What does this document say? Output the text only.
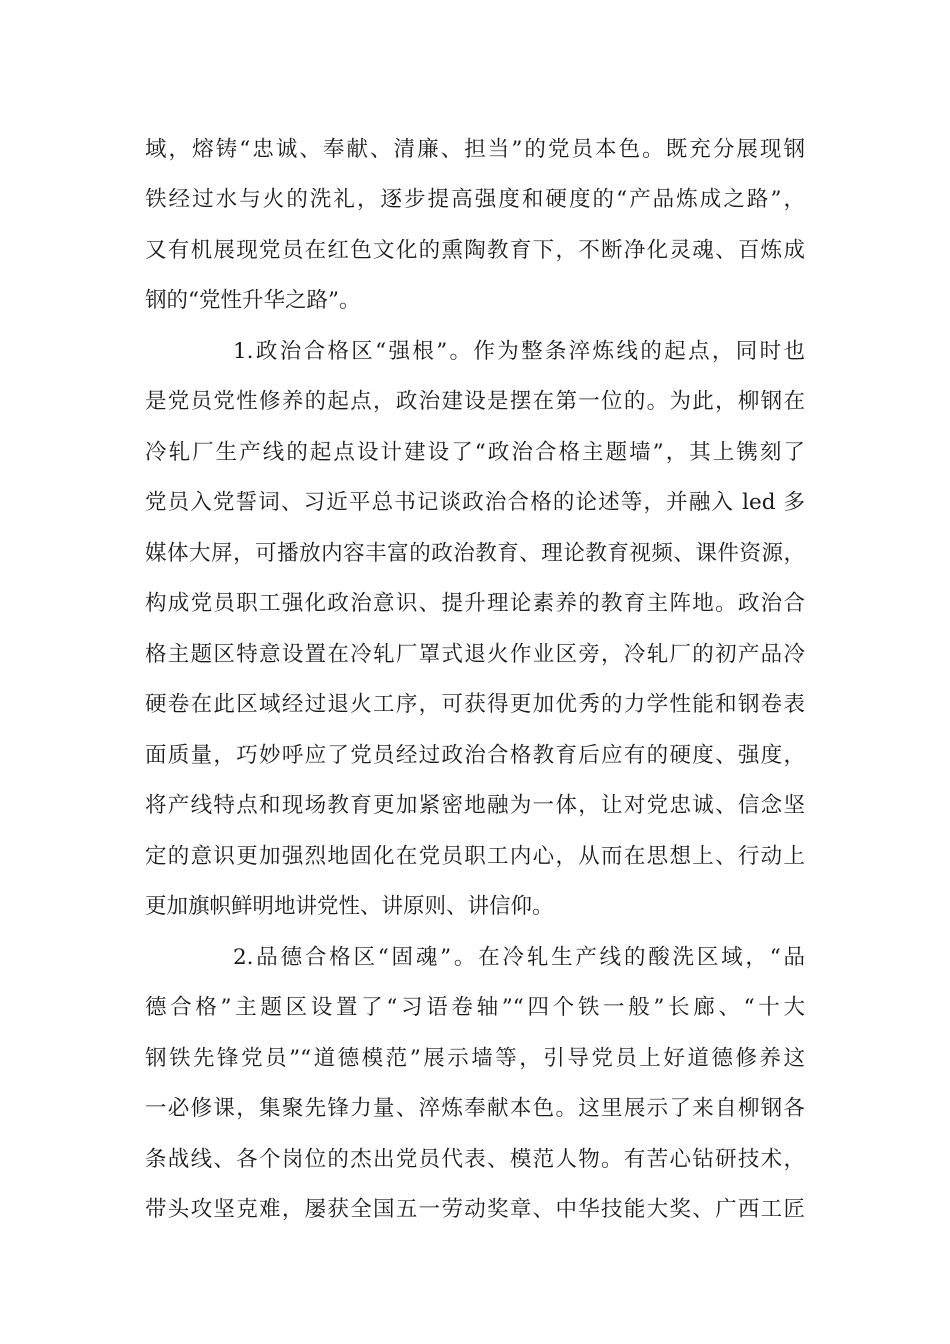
域，熔铸“忠诚、奉献、清廉、担当”的党员本色。既充分展现钢
铁经过水与火的洗礼，逐步提高强度和硬度的“产品炼成之路”，
又有机展现党员在红色文化的熏陶教育下，不断净化灵魂、百炼成
钢的“党性升华之路”。
1.政治合格区“强根”。作为整条淬炼线的起点，同时也
是党员党性修养的起点，政治建设是摆在第一位的。为此，柳钢在
冷轧厂生产线的起点设计建设了“政治合格主题墙”，其上镌刻了
党员入党誓词、习近平总书记谈政治合格的论述等，并融入 led 多
媒体大屏，可播放内容丰富的政治教育、理论教育视频、课件资源，
构成党员职工强化政治意识、提升理论素养的教育主阵地。政治合
格主题区特意设置在冷轧厂罩式退火作业区旁，冷轧厂的初产品冷
硬卷在此区域经过退火工序，可获得更加优秀的力学性能和钢卷表
面质量，巧妙呼应了党员经过政治合格教育后应有的硬度、强度，
将产线特点和现场教育更加紧密地融为一体，让对党忠诚、信念坚
定的意识更加强烈地固化在党员职工内心，从而在思想上、行动上
更加旗帜鲜明地讲党性、讲原则、讲信仰。
2.品德合格区“固魂”。在冷轧生产线的酸洗区域，“品
德合格”主题区设置了“习语卷轴”“四个铁一般”长廊、“十大
钢铁先锋党员”“道德模范”展示墙等，引导党员上好道德修养这
一必修课，集聚先锋力量、淬炼奉献本色。这里展示了来自柳钢各
条战线、各个岗位的杰出党员代表、模范人物。有苦心钻研技术，
带头攻坚克难，屡获全国五一劳动奖章、中华技能大奖、广西工匠
